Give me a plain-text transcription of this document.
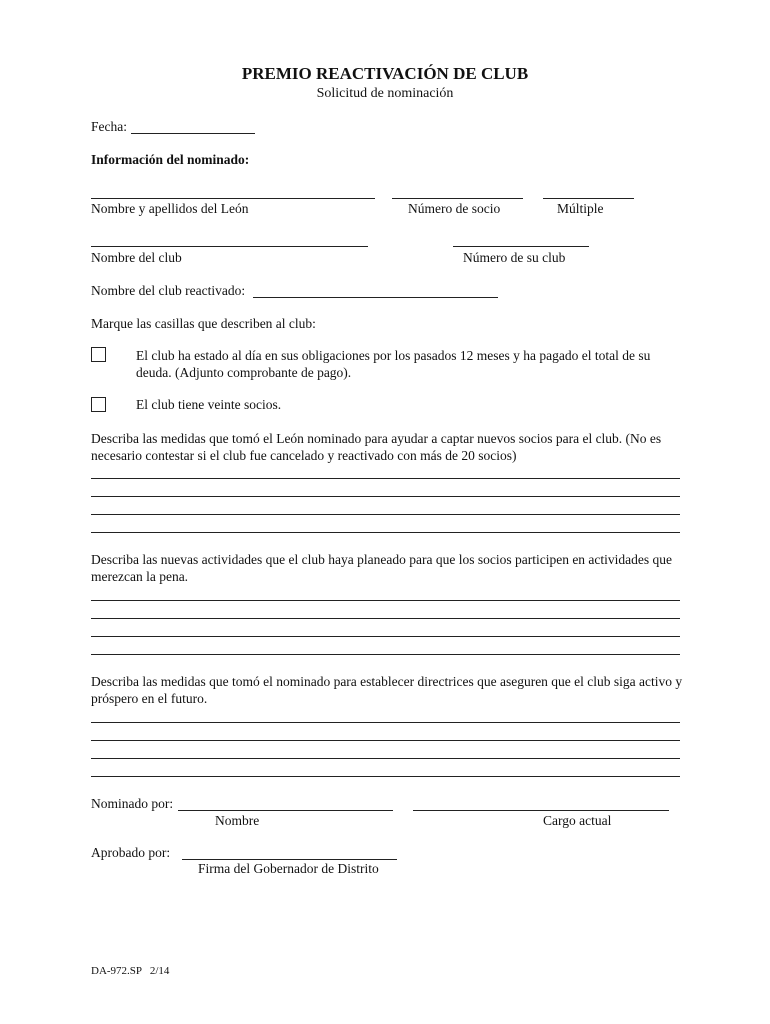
PREMIO REACTIVACIÓN DE CLUB
Solicitud de nominación
Fecha:
Información del nominado:
Nombre y apellidos del León	Número de socio	Múltiple
Nombre del club	Número de su club
Nombre del club reactivado:
Marque las casillas que describen al club:
El club ha estado al día en sus obligaciones por los pasados 12 meses y ha pagado el total de su deuda. (Adjunto comprobante de pago).
El club tiene veinte socios.
Describa las medidas que tomó el León nominado para ayudar a captar nuevos socios para el club. (No es necesario contestar si el club fue cancelado y reactivado con más de 20 socios)
Describa las nuevas actividades que el club haya planeado para que los socios participen en actividades que merezcan la pena.
Describa las medidas que tomó el nominado para establecer directrices que aseguren que el club siga activo y próspero en el futuro.
Nominado por:
Nombre	Cargo actual
Aprobado por:
Firma del Gobernador de Distrito
DA-972.SP   2/14
